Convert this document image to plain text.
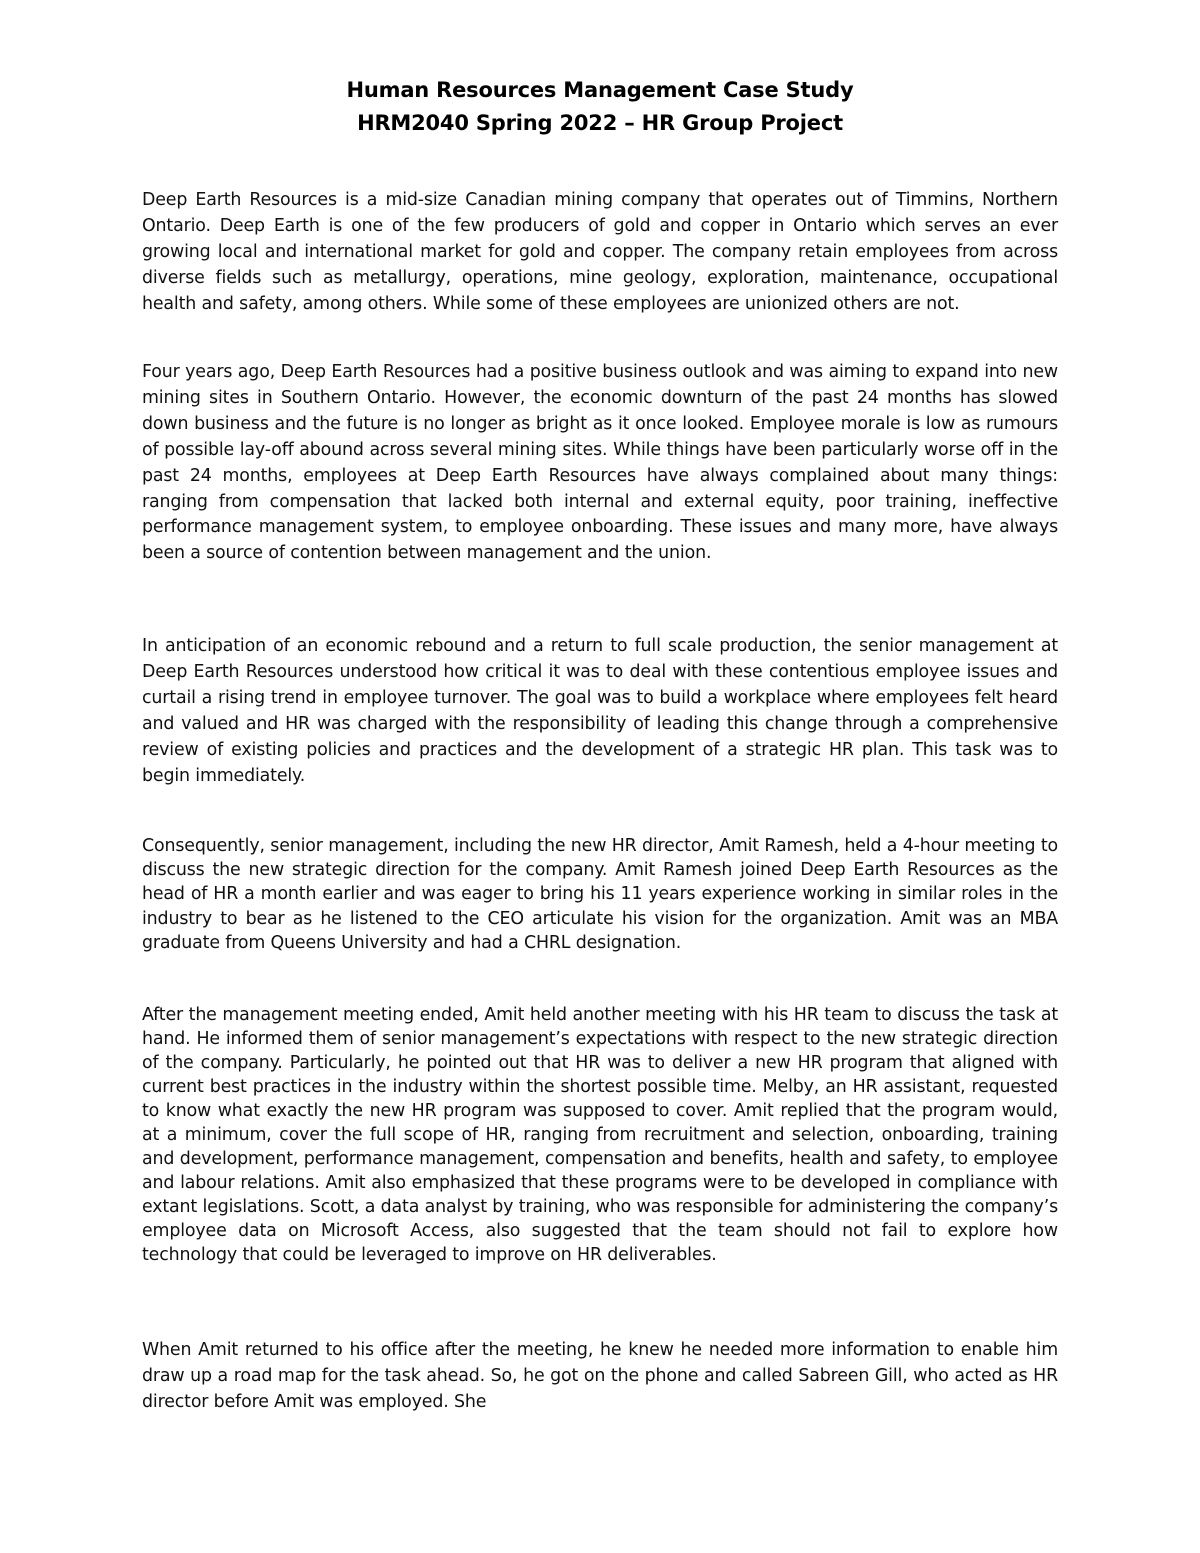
Human Resources Management Case Study
HRM2040 Spring 2022 – HR Group Project

Deep Earth Resources is a mid-size Canadian mining company that operates out of Timmins, Northern Ontario. Deep Earth is one of the few producers of gold and copper in Ontario which serves an ever growing local and international market for gold and copper. The company retain employees from across diverse fields such as metallurgy, operations, mine geology, exploration, maintenance, occupational health and safety, among others. While some of these employees are unionized others are not.

Four years ago, Deep Earth Resources had a positive business outlook and was aiming to expand into new mining sites in Southern Ontario. However, the economic downturn of the past 24 months has slowed down business and the future is no longer as bright as it once looked. Employee morale is low as rumours of possible lay-off abound across several mining sites. While things have been particularly worse off in the past 24 months, employees at Deep Earth Resources have always complained about many things: ranging from compensation that lacked both internal and external equity, poor training, ineffective performance management system, to employee onboarding. These issues and many more, have always been a source of contention between management and the union.

In anticipation of an economic rebound and a return to full scale production, the senior management at Deep Earth Resources understood how critical it was to deal with these contentious employee issues and curtail a rising trend in employee turnover. The goal was to build a workplace where employees felt heard and valued and HR was charged with the responsibility of leading this change through a comprehensive review of existing policies and practices and the development of a strategic HR plan. This task was to begin immediately.

Consequently, senior management, including the new HR director, Amit Ramesh, held a 4-hour meeting to discuss the new strategic direction for the company. Amit Ramesh joined Deep Earth Resources as the head of HR a month earlier and was eager to bring his 11 years experience working in similar roles in the industry to bear as he listened to the CEO articulate his vision for the organization. Amit was an MBA graduate from Queens University and had a CHRL designation.

After the management meeting ended, Amit held another meeting with his HR team to discuss the task at hand. He informed them of senior management’s expectations with respect to the new strategic direction of the company. Particularly, he pointed out that HR was to deliver a new HR program that aligned with current best practices in the industry within the shortest possible time. Melby, an HR assistant, requested to know what exactly the new HR program was supposed to cover. Amit replied that the program would, at a minimum, cover the full scope of HR, ranging from recruitment and selection, onboarding, training and development, performance management, compensation and benefits, health and safety, to employee and labour relations. Amit also emphasized that these programs were to be developed in compliance with extant legislations. Scott, a data analyst by training, who was responsible for administering the company’s employee data on Microsoft Access, also suggested that the team should not fail to explore how technology that could be leveraged to improve on HR deliverables.

When Amit returned to his office after the meeting, he knew he needed more information to enable him draw up a road map for the task ahead. So, he got on the phone and called Sabreen Gill, who acted as HR director before Amit was employed. She
